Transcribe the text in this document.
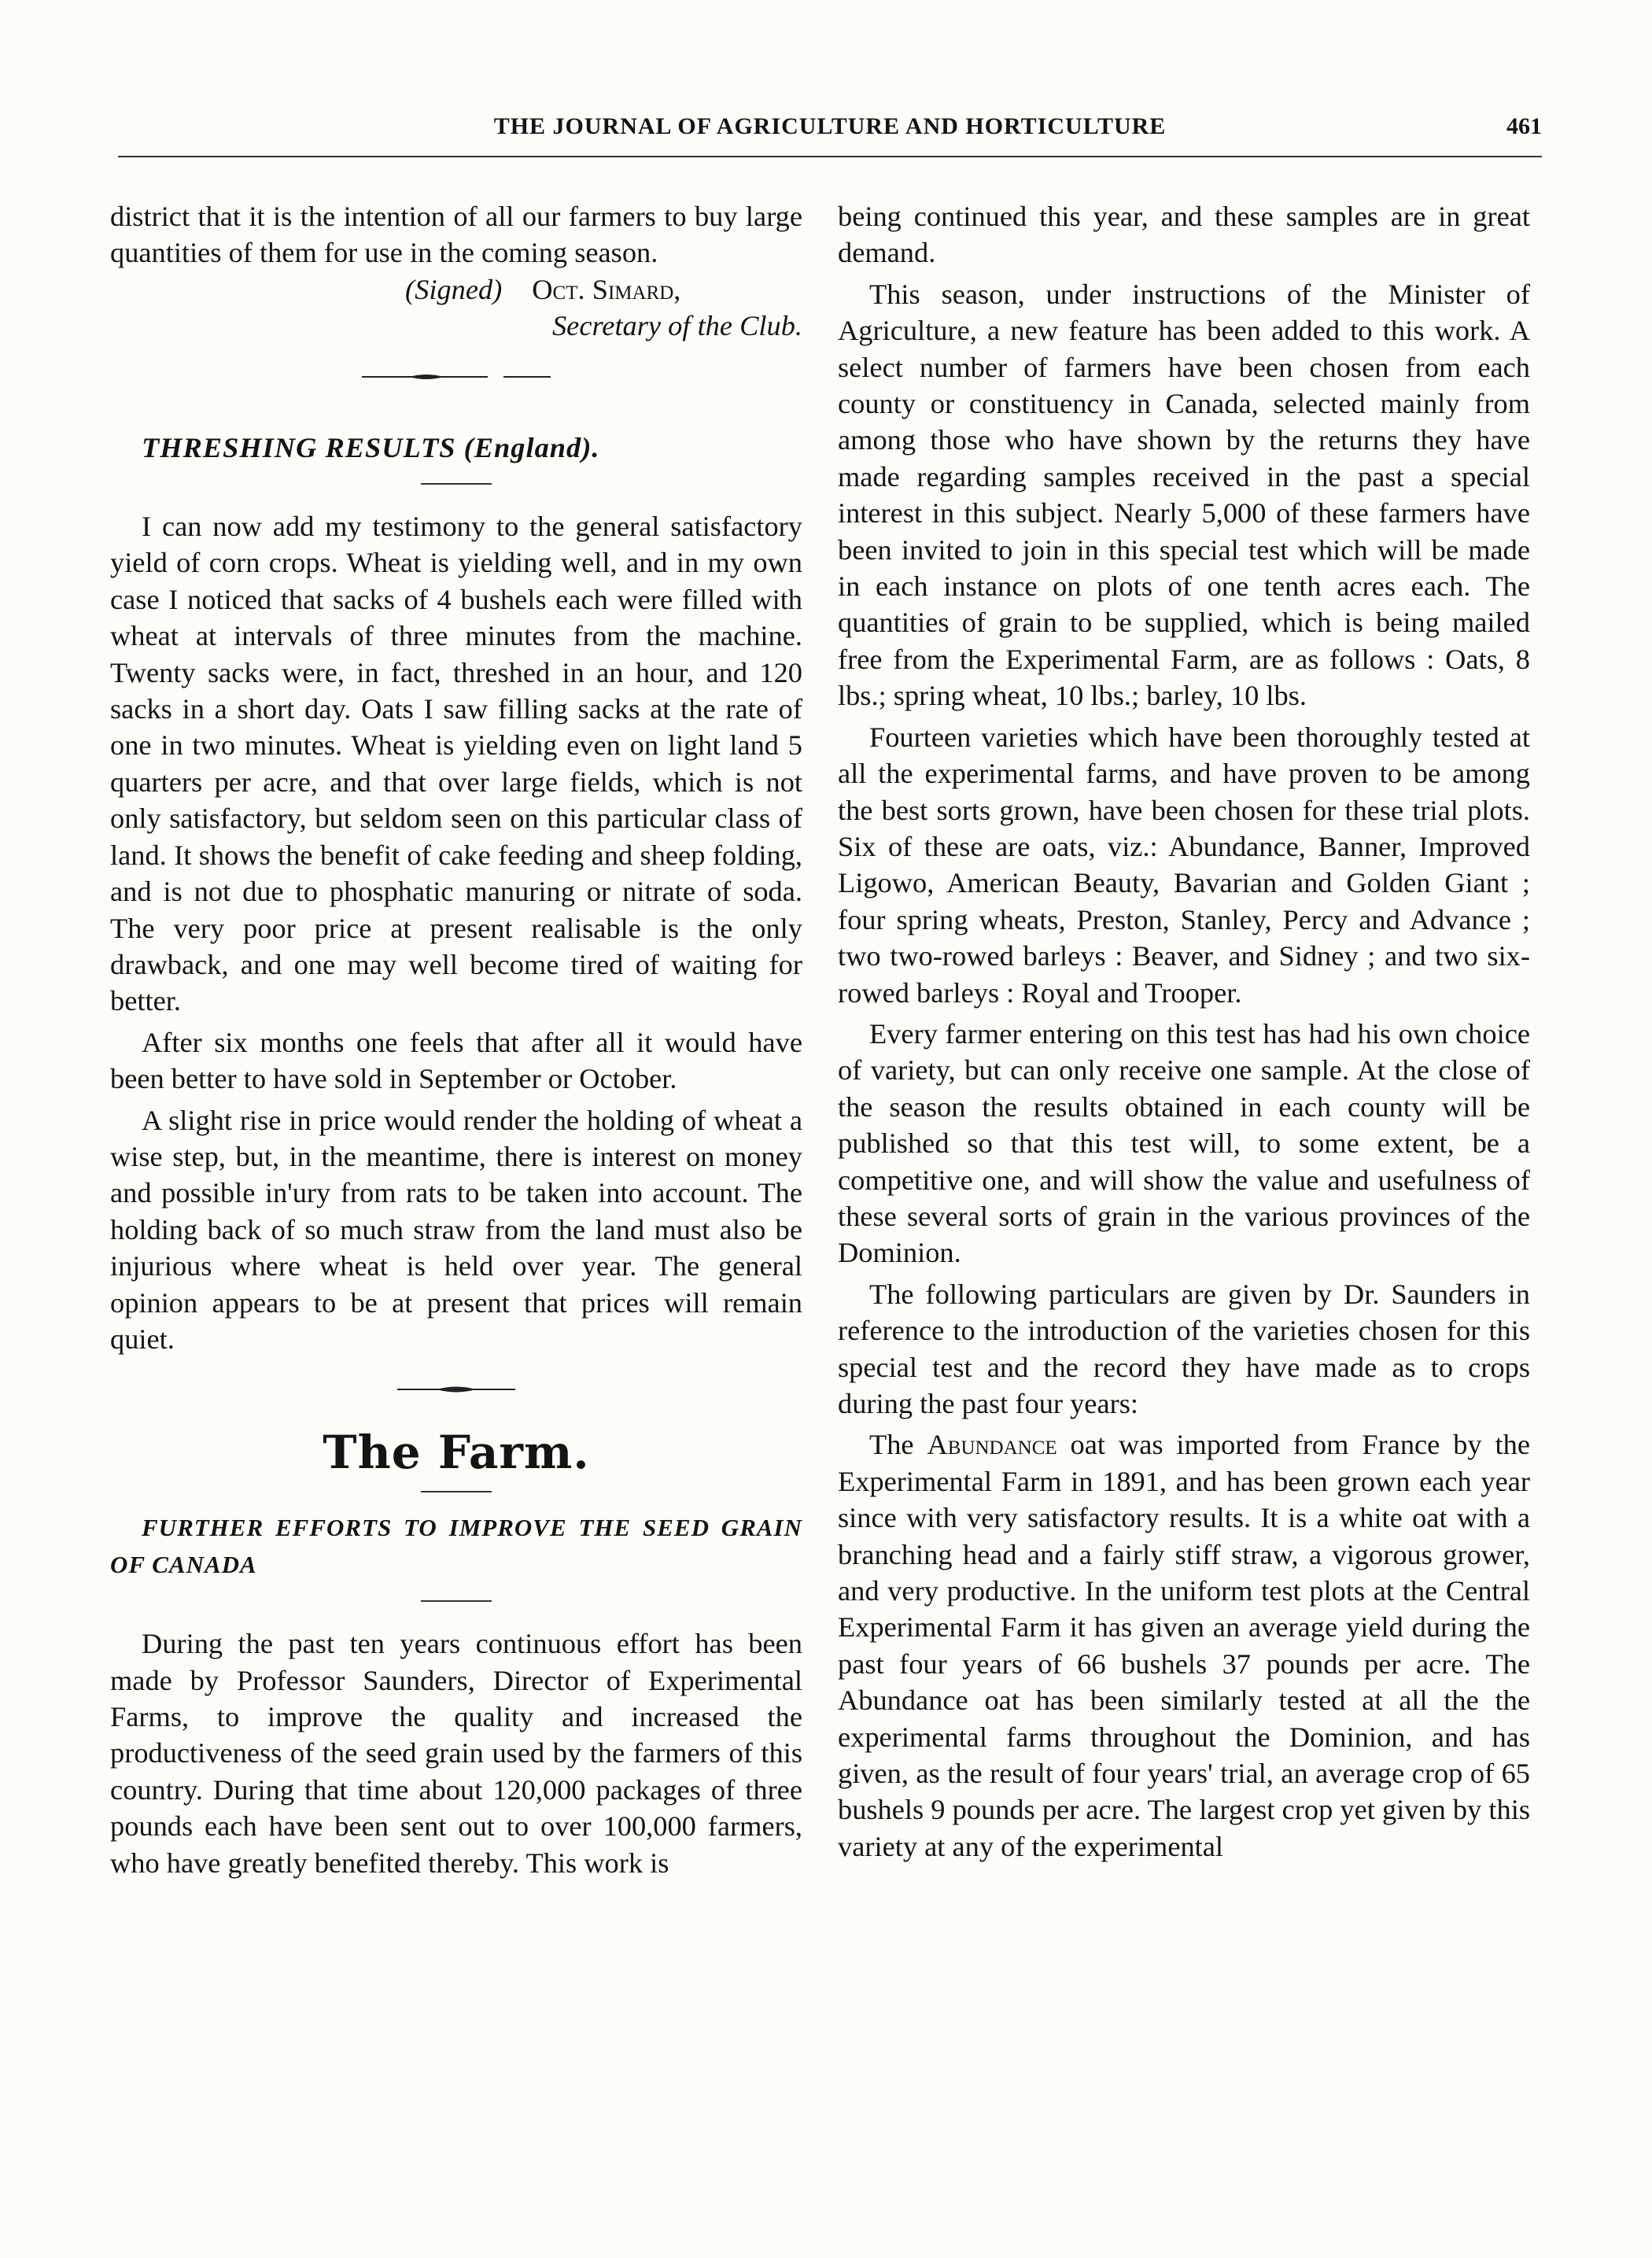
THE JOURNAL OF AGRICULTURE AND HORTICULTURE	461

district that it is the intention of all our farmers to buy large quantities of them for use in the coming season.

(Signed) Oct. Simard,
Secretary of the Club.

THRESHING RESULTS (England).

I can now add my testimony to the general satisfactory yield of corn crops. Wheat is yielding well, and in my own case I noticed that sacks of 4 bushels each were filled with wheat at intervals of three minutes from the machine. Twenty sacks were, in fact, threshed in an hour, and 120 sacks in a short day. Oats I saw filling sacks at the rate of one in two minutes. Wheat is yielding even on light land 5 quarters per acre, and that over large fields, which is not only satisfactory, but seldom seen on this particular class of land. It shows the benefit of cake feeding and sheep folding, and is not due to phosphatic manuring or nitrate of soda. The very poor price at present realisable is the only drawback, and one may well become tired of waiting for better.

After six months one feels that after all it would have been better to have sold in September or October.

A slight rise in price would render the holding of wheat a wise step, but, in the meantime, there is interest on money and possible in'ury from rats to be taken into account. The holding back of so much straw from the land must also be injurious where wheat is held over year. The general opinion appears to be at present that prices will remain quiet.

The Farm.

FURTHER EFFORTS TO IMPROVE THE SEED GRAIN OF CANADA

During the past ten years continuous effort has been made by Professor Saunders, Director of Experimental Farms, to improve the quality and increased the productiveness of the seed grain used by the farmers of this country. During that time about 120,000 packages of three pounds each have been sent out to over 100,000 farmers, who have greatly benefited thereby. This work is

being continued this year, and these samples are in great demand.

This season, under instructions of the Minister of Agriculture, a new feature has been added to this work. A select number of farmers have been chosen from each county or constituency in Canada, selected mainly from among those who have shown by the returns they have made regarding samples received in the past a special interest in this subject. Nearly 5,000 of these farmers have been invited to join in this special test which will be made in each instance on plots of one tenth acres each. The quantities of grain to be supplied, which is being mailed free from the Experimental Farm, are as follows : Oats, 8 lbs.; spring wheat, 10 lbs.; barley, 10 lbs.

Fourteen varieties which have been thoroughly tested at all the experimental farms, and have proven to be among the best sorts grown, have been chosen for these trial plots. Six of these are oats, viz.: Abundance, Banner, Improved Ligowo, American Beauty, Bavarian and Golden Giant ; four spring wheats, Preston, Stanley, Percy and Advance ; two two-rowed barleys : Beaver, and Sidney ; and two six-rowed barleys : Royal and Trooper.

Every farmer entering on this test has had his own choice of variety, but can only receive one sample. At the close of the season the results obtained in each county will be published so that this test will, to some extent, be a competitive one, and will show the value and usefulness of these several sorts of grain in the various provinces of the Dominion.

The following particulars are given by Dr. Saunders in reference to the introduction of the varieties chosen for this special test and the record they have made as to crops during the past four years:

The Abundance oat was imported from France by the Experimental Farm in 1891, and has been grown each year since with very satisfactory results. It is a white oat with a branching head and a fairly stiff straw, a vigorous grower, and very productive. In the uniform test plots at the Central Experimental Farm it has given an average yield during the past four years of 66 bushels 37 pounds per acre. The Abundance oat has been similarly tested at all the the experimental farms throughout the Dominion, and has given, as the result of four years' trial, an average crop of 65 bushels 9 pounds per acre. The largest crop yet given by this variety at any of the experimental
